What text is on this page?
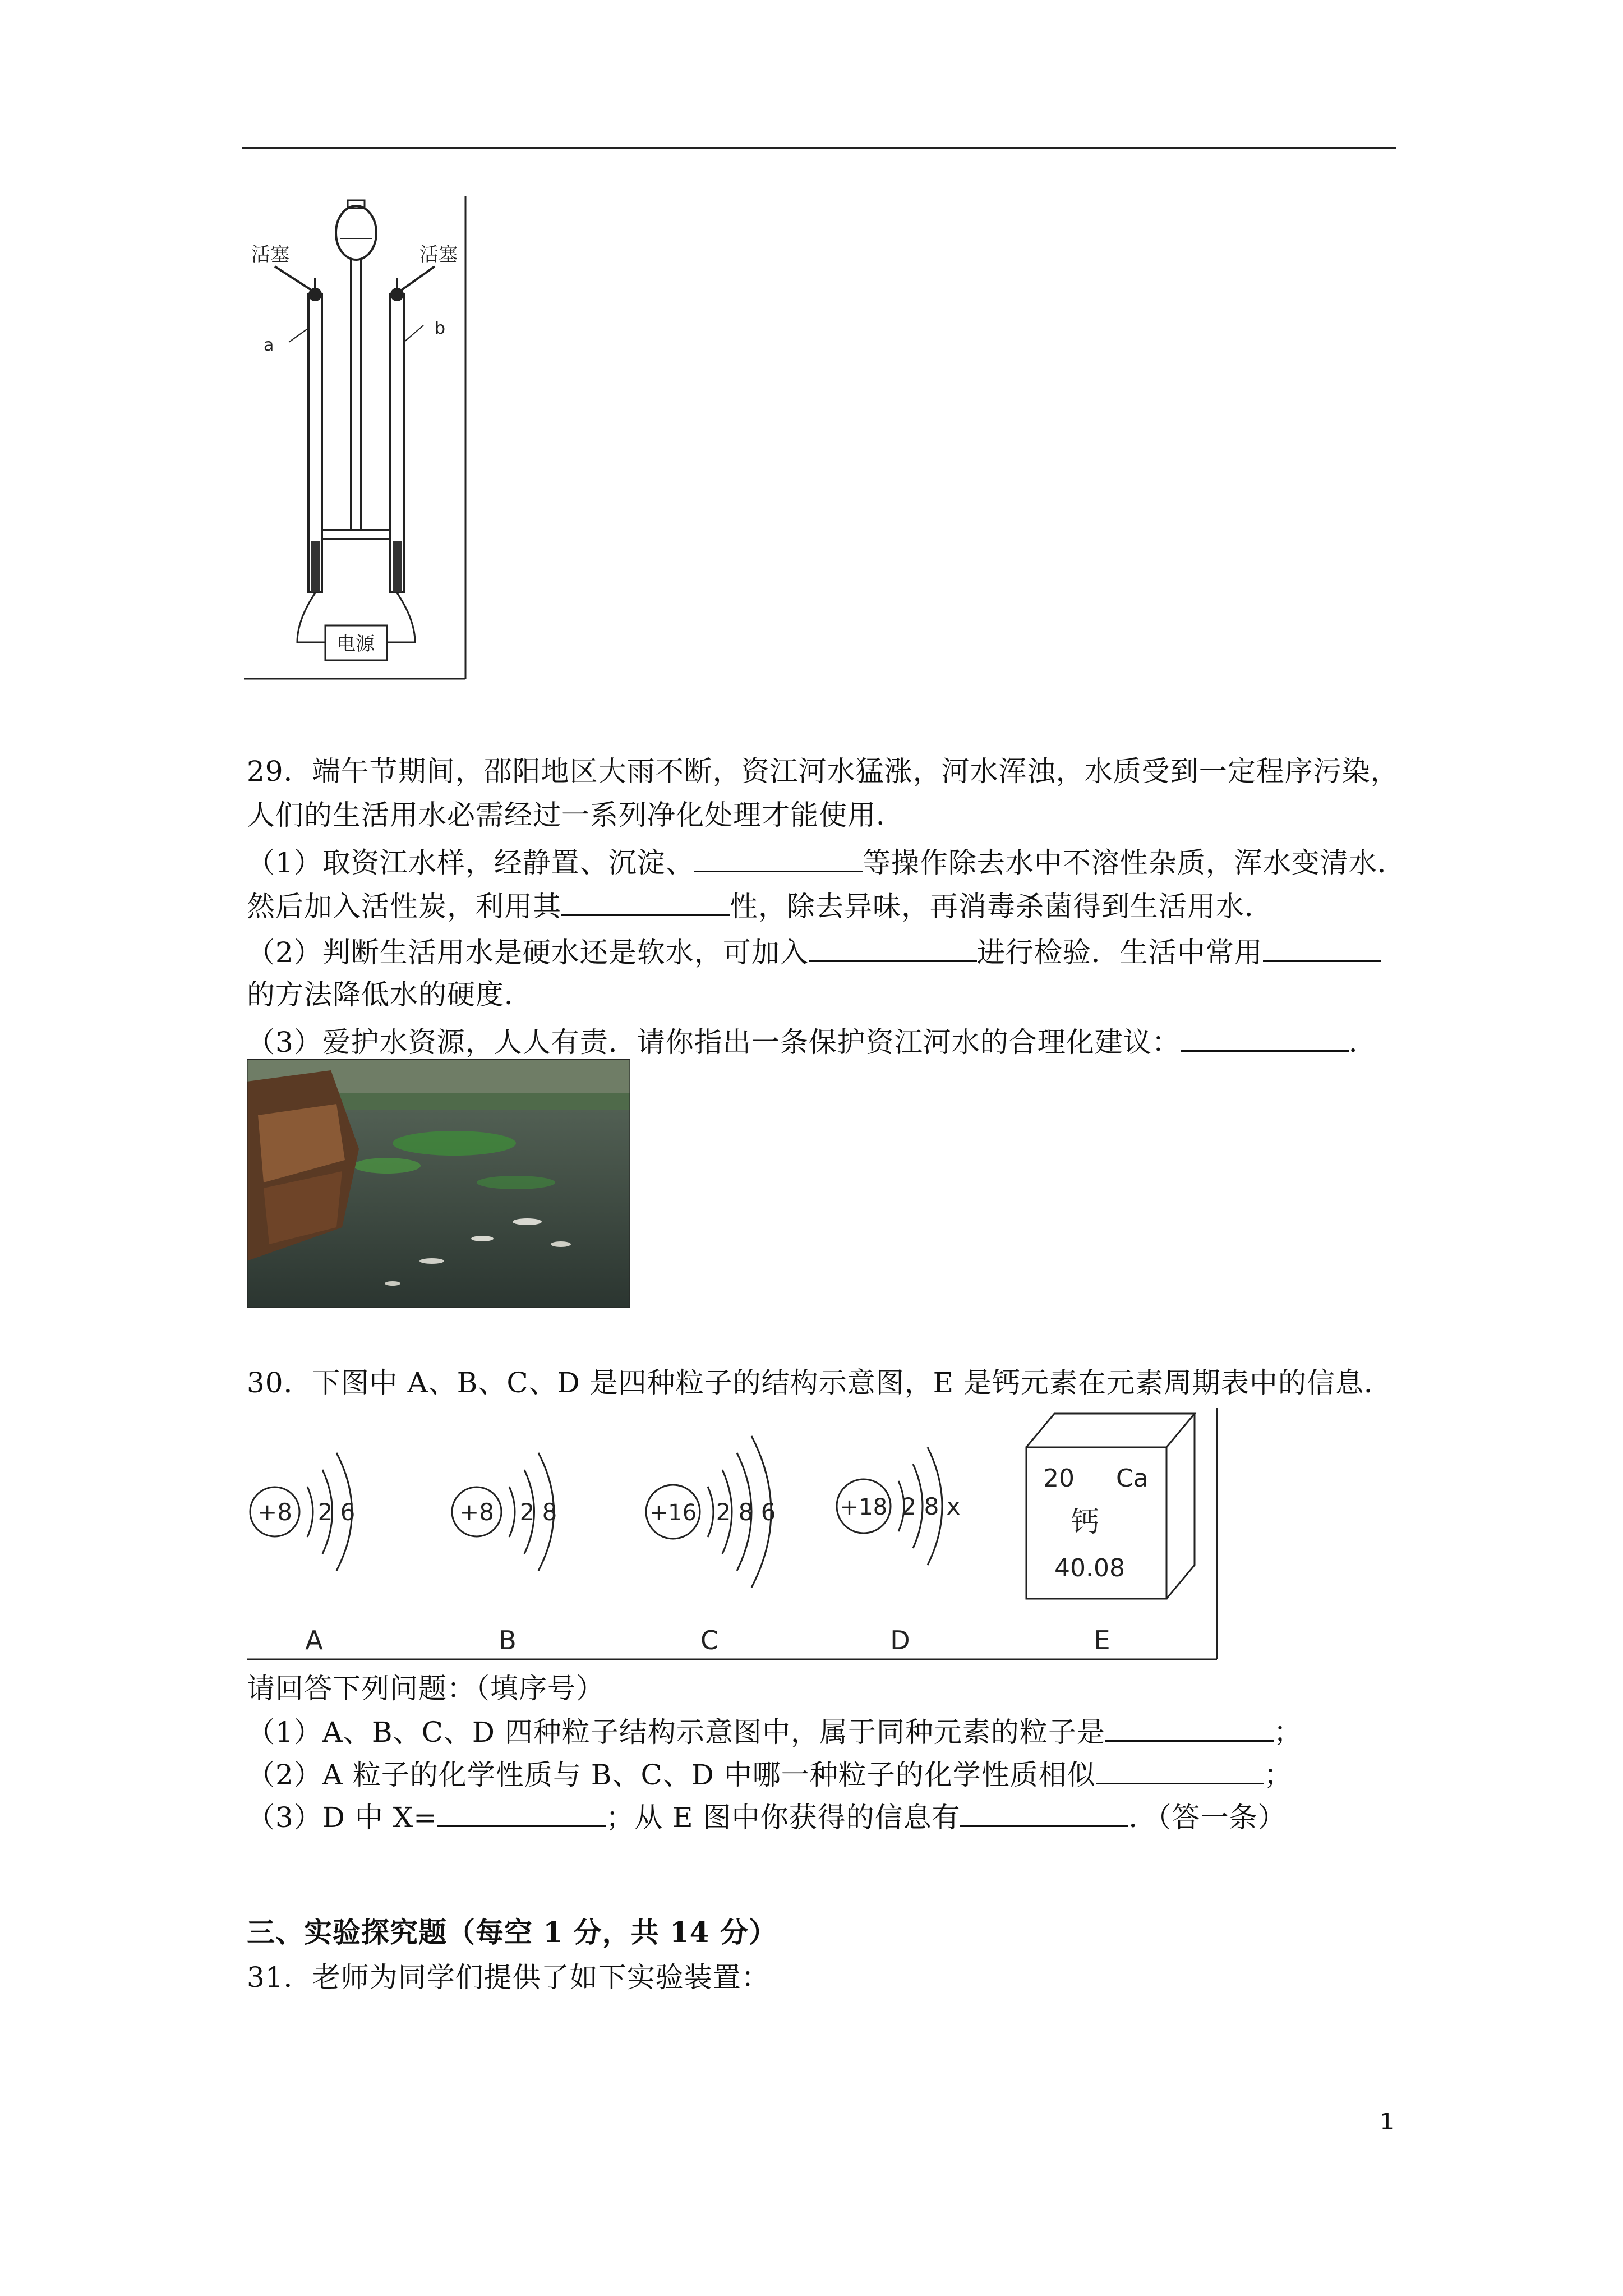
活塞	活塞
a
b
电源
29．端午节期间，邵阳地区大雨不断，资江河水猛涨，河水浑浊，水质受到一定程序污染，
人们的生活用水必需经过一系列净化处理才能使用．
（1）取资江水样，经静置、沉淀、	等操作除去水中不溶性杂质，浑水变清水．
然后加入活性炭，利用其	性，除去异味，再消毒杀菌得到生活用水．
（2）判断生活用水是硬水还是软水，可加入	进行检验．生活中常用
的方法降低水的硬度．
（3）爱护水资源，人人有责．请你指出一条保护资江河水的合理化建议：	．
30．下图中 A、B、C、D 是四种粒子的结构示意图，E 是钙元素在元素周期表中的信息．
+8 2 6
A
+8 2 8
B
+16 2 8 6
C
+18 2 8 x
D
20 Ca
钙
40.08
E
请回答下列问题：（填序号）
（1）A、B、C、D 四种粒子结构示意图中，属于同种元素的粒子是	；
（2）A 粒子的化学性质与 B、C、D 中哪一种粒子的化学性质相似	；
（3）D 中 X=	；从 E 图中你获得的信息有	．（答一条）
三、实验探究题（每空 1 分，共 14 分）
31．老师为同学们提供了如下实验装置：
1
